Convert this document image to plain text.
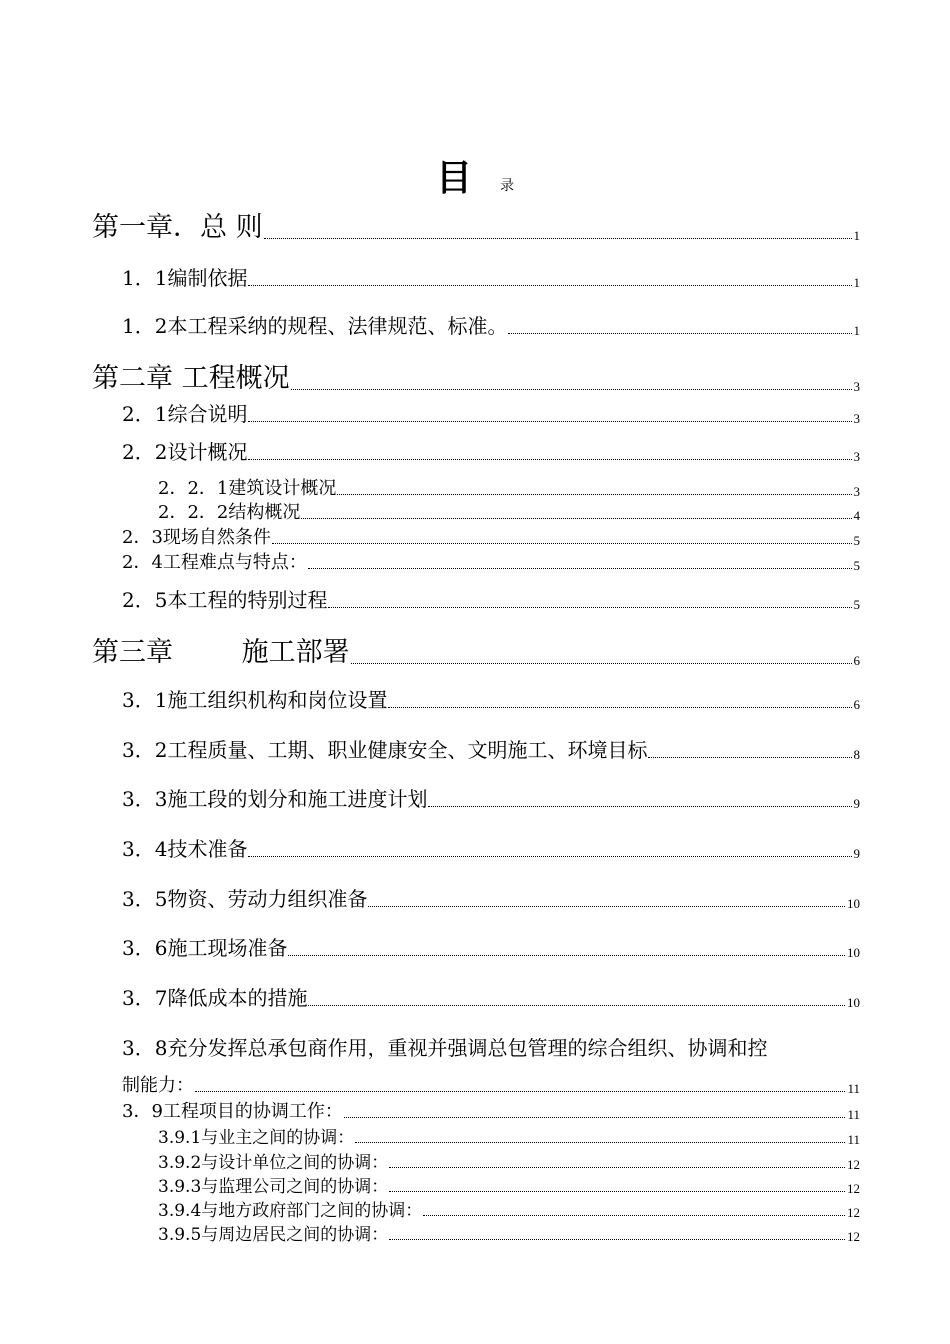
目 录
第一章．总 则	1
1．1编制依据	1
1．2本工程采纳的规程、法律规范、标准。	1
第二章 工程概况	3
2．1综合说明	3
2．2设计概况	3
2．2．1建筑设计概况	3
2．2．2结构概况	4
2．3现场自然条件	5
2．4工程难点与特点：	5
2．5本工程的特别过程	5
第三章        施工部署	6
3．1施工组织机构和岗位设置	6
3．2工程质量、工期、职业健康安全、文明施工、环境目标	8
3．3施工段的划分和施工进度计划	9
3．4技术准备	9
3．5物资、劳动力组织准备	10
3．6施工现场准备	10
3．7降低成本的措施	10
3．8充分发挥总承包商作用，重视并强调总包管理的综合组织、协调和控
制能力：	11
3．9工程项目的协调工作：	11
3.9.1与业主之间的协调：	11
3.9.2与设计单位之间的协调：	12
3.9.3与监理公司之间的协调：	12
3.9.4与地方政府部门之间的协调：	12
3.9.5与周边居民之间的协调：	12
